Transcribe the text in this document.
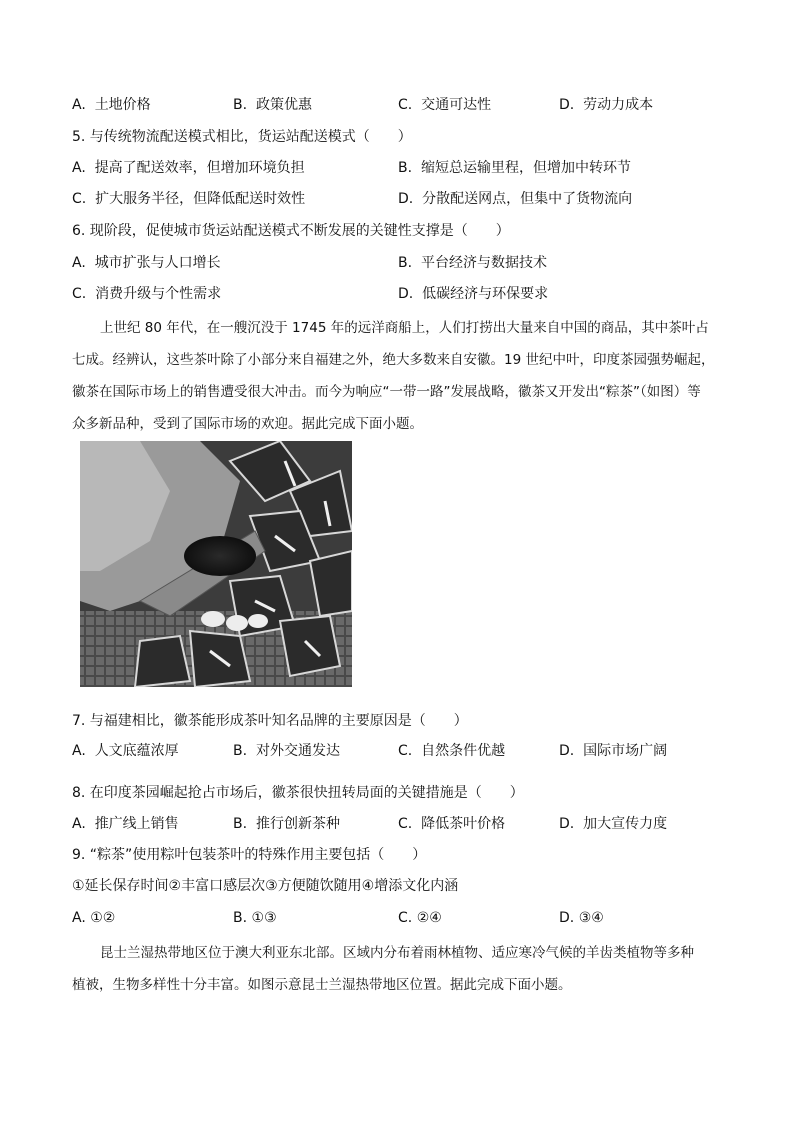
A. 土地价格	B. 政策优惠	C. 交通可达性	D. 劳动力成本
5. 与传统物流配送模式相比，货运站配送模式（　　）
A. 提高了配送效率，但增加环境负担	B. 缩短总运输里程，但增加中转环节
C. 扩大服务半径，但降低配送时效性	D. 分散配送网点，但集中了货物流向
6. 现阶段，促使城市货运站配送模式不断发展的关键性支撑是（　　）
A. 城市扩张与人口增长	B. 平台经济与数据技术
C. 消费升级与个性需求	D. 低碳经济与环保要求

上世纪 80 年代，在一艘沉没于 1745 年的远洋商船上，人们打捞出大量来自中国的商品，其中茶叶占

七成。经辨认，这些茶叶除了小部分来自福建之外，绝大多数来自安徽。19 世纪中叶，印度茶园强势崛起，

徽茶在国际市场上的销售遭受很大冲击。而今为响应“一带一路”发展战略，徽茶又开发出“粽茶”（如图）等

众多新品种，受到了国际市场的欢迎。据此完成下面小题。

7. 与福建相比，徽茶能形成茶叶知名品牌的主要原因是（　　）
A. 人文底蕴浓厚	B. 对外交通发达	C. 自然条件优越	D. 国际市场广阔
8. 在印度茶园崛起抢占市场后，徽茶很快扭转局面的关键措施是（　　）
A. 推广线上销售	B. 推行创新茶种	C. 降低茶叶价格	D. 加大宣传力度
9. “粽茶”使用粽叶包装茶叶的特殊作用主要包括（　　）
①延长保存时间②丰富口感层次③方便随饮随用④增添文化内涵
A. ①②	B. ①③	C. ②④	D. ③④

昆士兰湿热带地区位于澳大利亚东北部。区域内分布着雨林植物、适应寒冷气候的羊齿类植物等多种

植被，生物多样性十分丰富。如图示意昆士兰湿热带地区位置。据此完成下面小题。
